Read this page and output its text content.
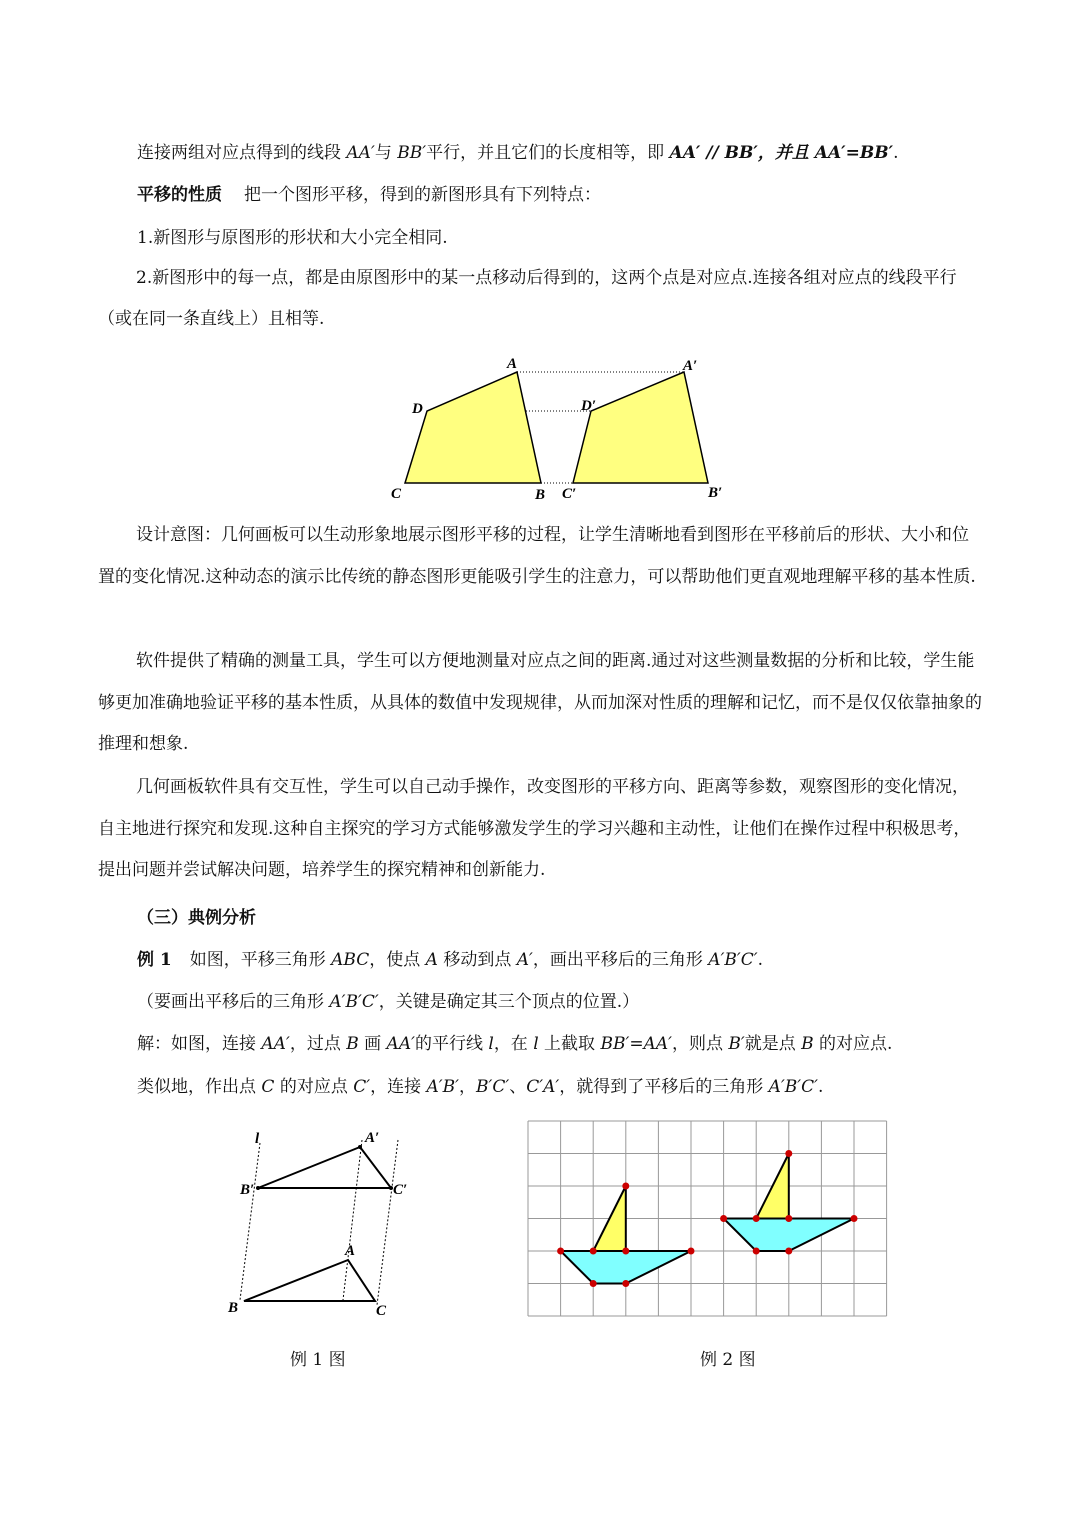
连接两组对应点得到的线段 AA′与 BB′平行，并且它们的长度相等，即 AA′ // BB′，并且 AA′=BB′.
平移的性质 把一个图形平移，得到的新图形具有下列特点：
1.新图形与原图形的形状和大小完全相同.
2.新图形中的每一点，都是由原图形中的某一点移动后得到的，这两个点是对应点.连接各组对应点的线段平行（或在同一条直线上）且相等.
A	A′
D	D′
C	B C′	B′
设计意图：几何画板可以生动形象地展示图形平移的过程，让学生清晰地看到图形在平移前后的形状、大小和位置的变化情况.这种动态的演示比传统的静态图形更能吸引学生的注意力，可以帮助他们更直观地理解平移的基本性质.
软件提供了精确的测量工具，学生可以方便地测量对应点之间的距离.通过对这些测量数据的分析和比较，学生能够更加准确地验证平移的基本性质，从具体的数值中发现规律，从而加深对性质的理解和记忆，而不是仅仅依靠抽象的推理和想象.
几何画板软件具有交互性，学生可以自己动手操作，改变图形的平移方向、距离等参数，观察图形的变化情况，自主地进行探究和发现.这种自主探究的学习方式能够激发学生的学习兴趣和主动性，让他们在操作过程中积极思考，提出问题并尝试解决问题，培养学生的探究精神和创新能力.
（三）典例分析
例 1 如图，平移三角形 ABC，使点 A 移动到点 A′，画出平移后的三角形 A′B′C′.
（要画出平移后的三角形 A′B′C′，关键是确定其三个顶点的位置.）
解：如图，连接 AA′，过点 B 画 AA′的平行线 l，在 l 上截取 BB′=AA′，则点 B′就是点 B 的对应点.
类似地，作出点 C 的对应点 C′，连接 A′B′，B′C′、C′A′，就得到了平移后的三角形 A′B′C′.
l	A′
B′	C′
A
B	C
例 1 图	例 2 图
